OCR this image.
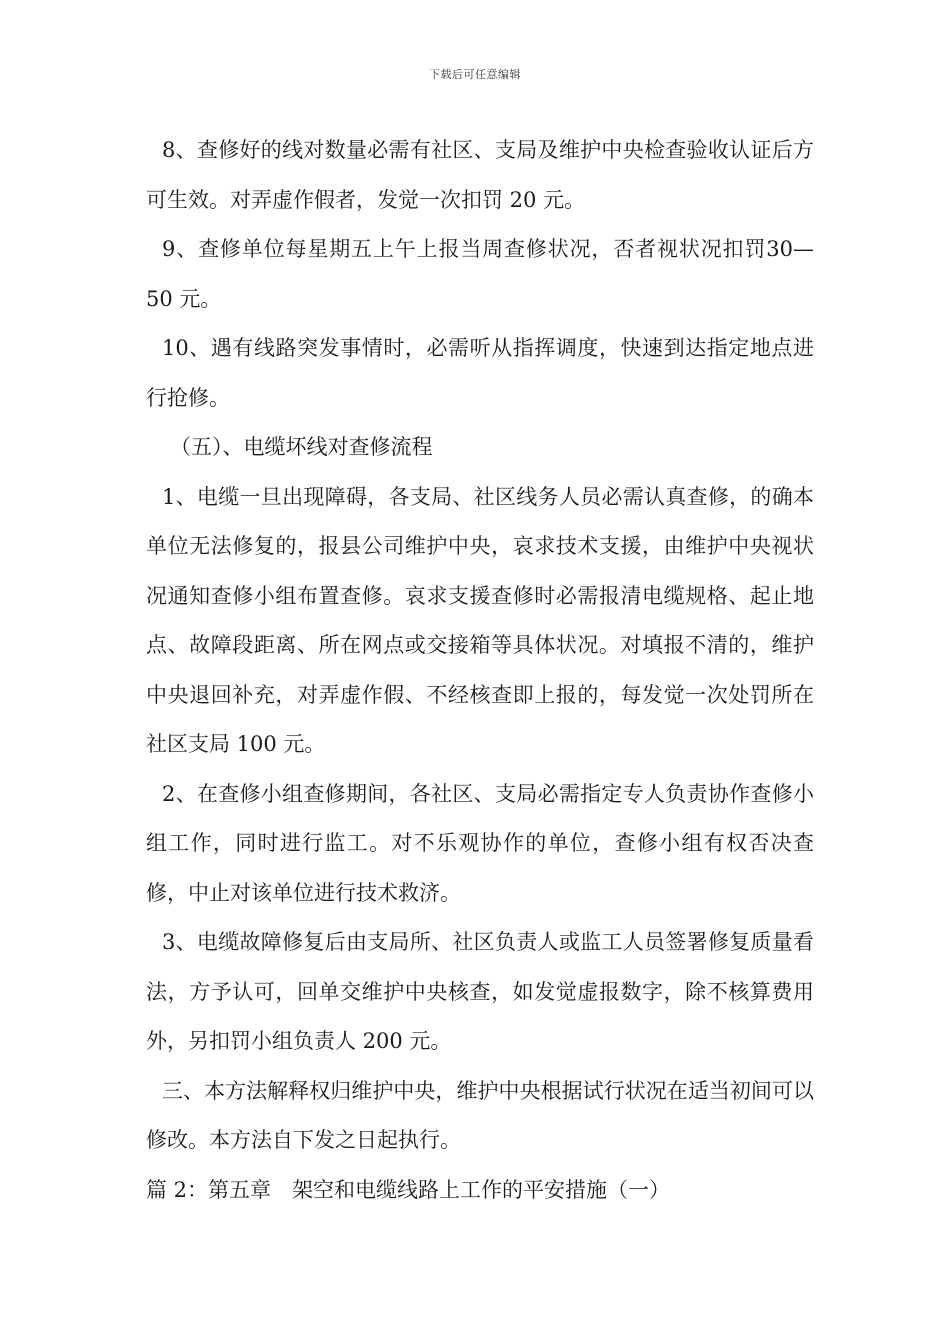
下载后可任意编辑

8、查修好的线对数量必需有社区、支局及维护中央检查验收认证后方可生效。对弄虚作假者，发觉一次扣罚 20 元。

9、查修单位每星期五上午上报当周查修状况，否者视状况扣罚30—50 元。

10、遇有线路突发事情时，必需听从指挥调度，快速到达指定地点进行抢修。

（五）、电缆坏线对查修流程

1、电缆一旦出现障碍，各支局、社区线务人员必需认真查修，的确本单位无法修复的，报县公司维护中央，哀求技术支援，由维护中央视状况通知查修小组布置查修。哀求支援查修时必需报清电缆规格、起止地点、故障段距离、所在网点或交接箱等具体状况。对填报不清的，维护中央退回补充，对弄虚作假、不经核查即上报的，每发觉一次处罚所在社区支局 100 元。

2、在查修小组查修期间，各社区、支局必需指定专人负责协作查修小组工作，同时进行监工。对不乐观协作的单位，查修小组有权否决查修，中止对该单位进行技术救济。

3、电缆故障修复后由支局所、社区负责人或监工人员签署修复质量看法，方予认可，回单交维护中央核查，如发觉虚报数字，除不核算费用外，另扣罚小组负责人 200 元。

三、本方法解释权归维护中央，维护中央根据试行状况在适当初间可以修改。本方法自下发之日起执行。

篇 2：第五章　架空和电缆线路上工作的平安措施（一）
